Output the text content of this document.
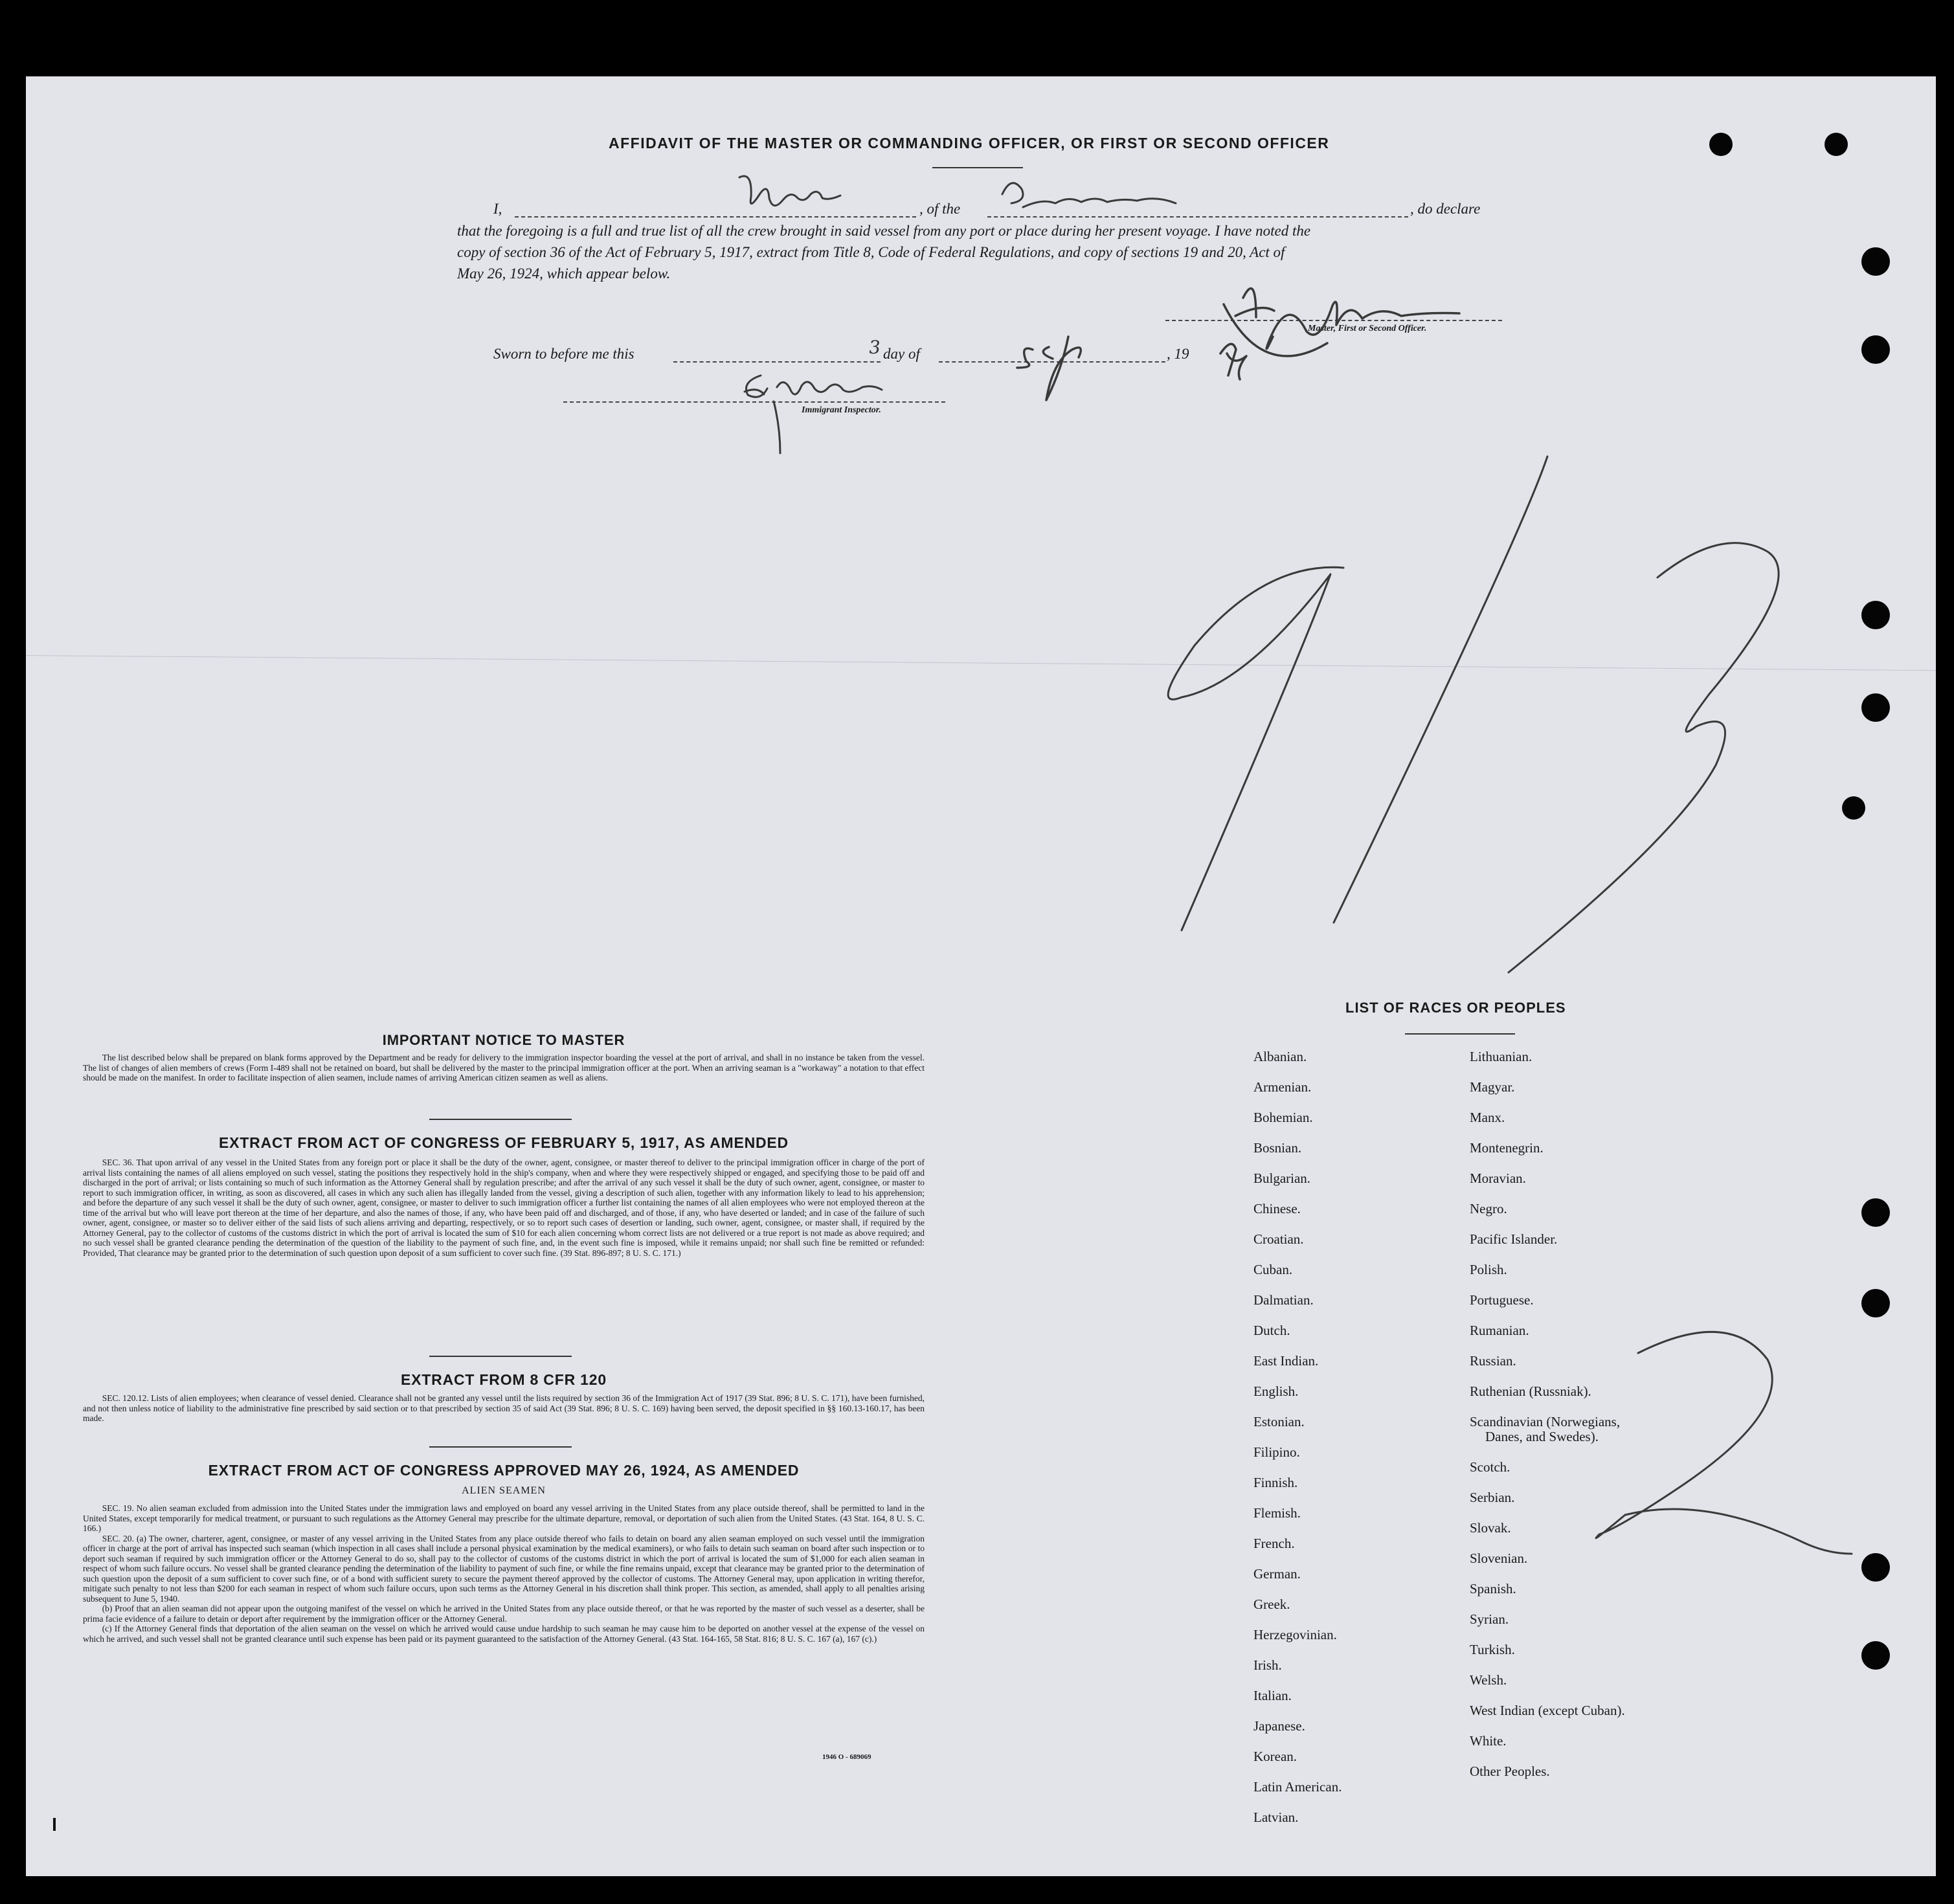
AFFIDAVIT OF THE MASTER OR COMMANDING OFFICER, OR FIRST OR SECOND OFFICER
I,	, of the	, do declare
that the foregoing is a full and true list of all the crew brought in said vessel from any port or place during her present voyage. I have noted the
copy of section 36 of the Act of February 5, 1917, extract from Title 8, Code of Federal Regulations, and copy of sections 19 and 20, Act of
May 26, 1924, which appear below.
Master, First or Second Officer.
Sworn to before me this	3 day of	, 19
Immigrant Inspector.
IMPORTANT NOTICE TO MASTER

The list described below shall be prepared on blank forms approved by the Department and be ready for delivery to the immigration inspector boarding the vessel at the port of arrival, and shall in no instance be taken from the vessel. The list of changes of alien members of crews (Form I-489 shall not be retained on board, but shall be delivered by the master to the principal immigration officer at the port. When an arriving seaman is a "workaway" a notation to that effect should be made on the manifest. In order to facilitate inspection of alien seamen, include names of arriving American citizen seamen as well as aliens.

EXTRACT FROM ACT OF CONGRESS OF FEBRUARY 5, 1917, AS AMENDED

SEC. 36. That upon arrival of any vessel in the United States from any foreign port or place it shall be the duty of the owner, agent, consignee, or master thereof to deliver to the principal immigration officer in charge of the port of arrival lists containing the names of all aliens employed on such vessel, stating the positions they respectively hold in the ship's company, when and where they were respectively shipped or engaged, and specifying those to be paid off and discharged in the port of arrival; or lists containing so much of such information as the Attorney General shall by regulation prescribe; and after the arrival of any such vessel it shall be the duty of such owner, agent, consignee, or master to report to such immigration officer, in writing, as soon as discovered, all cases in which any such alien has illegally landed from the vessel, giving a description of such alien, together with any information likely to lead to his apprehension; and before the departure of any such vessel it shall be the duty of such owner, agent, consignee, or master to deliver to such immigration officer a further list containing the names of all alien employees who were not employed thereon at the time of the arrival but who will leave port thereon at the time of her departure, and also the names of those, if any, who have been paid off and discharged, and of those, if any, who have deserted or landed; and in case of the failure of such owner, agent, consignee, or master so to deliver either of the said lists of such aliens arriving and departing, respectively, or so to report such cases of desertion or landing, such owner, agent, consignee, or master shall, if required by the Attorney General, pay to the collector of customs of the customs district in which the port of arrival is located the sum of $10 for each alien concerning whom correct lists are not delivered or a true report is not made as above required; and no such vessel shall be granted clearance pending the determination of the question of the liability to the payment of such fine, and, in the event such fine is imposed, while it remains unpaid; nor shall such fine be remitted or refunded: Provided, That clearance may be granted prior to the determination of such question upon deposit of a sum sufficient to cover such fine. (39 Stat. 896-897; 8 U. S. C. 171.)

EXTRACT FROM 8 CFR 120

SEC. 120.12. Lists of alien employees; when clearance of vessel denied. Clearance shall not be granted any vessel until the lists required by section 36 of the Immigration Act of 1917 (39 Stat. 896; 8 U. S. C. 171), have been furnished, and not then unless notice of liability to the administrative fine prescribed by said section or to that prescribed by section 35 of said Act (39 Stat. 896; 8 U. S. C. 169) having been served, the deposit specified in §§ 160.13-160.17, has been made.

EXTRACT FROM ACT OF CONGRESS APPROVED MAY 26, 1924, AS AMENDED
ALIEN SEAMEN

SEC. 19. No alien seaman excluded from admission into the United States under the immigration laws and employed on board any vessel arriving in the United States from any place outside thereof, shall be permitted to land in the United States, except temporarily for medical treatment, or pursuant to such regulations as the Attorney General may prescribe for the ultimate departure, removal, or deportation of such alien from the United States. (43 Stat. 164, 8 U. S. C. 166.)

SEC. 20. (a) The owner, charterer, agent, consignee, or master of any vessel arriving in the United States from any place outside thereof who fails to detain on board any alien seaman employed on such vessel until the immigration officer in charge at the port of arrival has inspected such seaman (which inspection in all cases shall include a personal physical examination by the medical examiners), or who fails to detain such seaman on board after such inspection or to deport such seaman if required by such immigration officer or the Attorney General to do so, shall pay to the collector of customs of the customs district in which the port of arrival is located the sum of $1,000 for each alien seaman in respect of whom such failure occurs. No vessel shall be granted clearance pending the determination of the liability to payment of such fine, or while the fine remains unpaid, except that clearance may be granted prior to the determination of such question upon the deposit of a sum sufficient to cover such fine, or of a bond with sufficient surety to secure the payment thereof approved by the collector of customs. The Attorney General may, upon application in writing therefor, mitigate such penalty to not less than $200 for each seaman in respect of whom such failure occurs, upon such terms as the Attorney General in his discretion shall think proper. This section, as amended, shall apply to all penalties arising subsequent to June 5, 1940.

(b) Proof that an alien seaman did not appear upon the outgoing manifest of the vessel on which he arrived in the United States from any place outside thereof, or that he was reported by the master of such vessel as a deserter, shall be prima facie evidence of a failure to detain or deport after requirement by the immigration officer or the Attorney General.

(c) If the Attorney General finds that deportation of the alien seaman on the vessel on which he arrived would cause undue hardship to such seaman he may cause him to be deported on another vessel at the expense of the vessel on which he arrived, and such vessel shall not be granted clearance until such expense has been paid or its payment guaranteed to the satisfaction of the Attorney General. (43 Stat. 164-165, 58 Stat. 816; 8 U. S. C. 167 (a), 167 (c).)

1946 O - 689069
LIST OF RACES OR PEOPLES
Albanian.
Armenian.
Bohemian.
Bosnian.
Bulgarian.
Chinese.
Croatian.
Cuban.
Dalmatian.
Dutch.
East Indian.
English.
Estonian.
Filipino.
Finnish.
Flemish.
French.
German.
Greek.
Herzegovinian.
Irish.
Italian.
Japanese.
Korean.
Latin American.
Latvian.
Lithuanian.
Magyar.
Manx.
Montenegrin.
Moravian.
Negro.
Pacific Islander.
Polish.
Portuguese.
Rumanian.
Russian.
Ruthenian (Russniak).
Scandinavian (Norwegians,
Danes, and Swedes).
Scotch.
Serbian.
Slovak.
Slovenian.
Spanish.
Syrian.
Turkish.
Welsh.
West Indian (except Cuban).
White.
Other Peoples.
